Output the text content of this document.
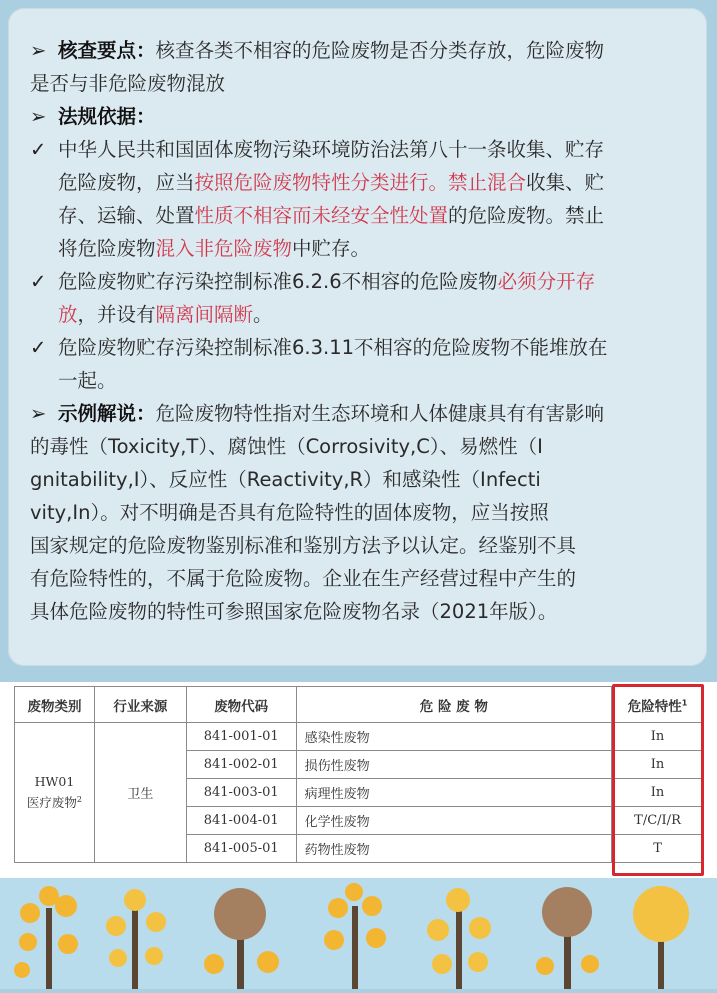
➢ 核查要点：核查各类不相容的危险废物是否分类存放，危险废物

是否与非危险废物混放

➢ 法规依据：

✓ 中华人民共和国固体废物污染环境防治法第八十一条收集、贮存

危险废物，应当按照危险废物特性分类进行。禁止混合收集、贮

存、运输、处置性质不相容而未经安全性处置的危险废物。禁止

将危险废物混入非危险废物中贮存。

✓ 危险废物贮存污染控制标准6.2.6不相容的危险废物必须分开存

放，并设有隔离间隔断。

✓ 危险废物贮存污染控制标准6.3.11不相容的危险废物不能堆放在

一起。

➢ 示例解说：危险废物特性指对生态环境和人体健康具有有害影响

的毒性（Toxicity,T）、腐蚀性（Corrosivity,C）、易燃性（I

gnitability,I）、反应性（Reactivity,R）和感染性（Infecti

vity,In）。对不明确是否具有危险特性的固体废物，应当按照

国家规定的危险废物鉴别标准和鉴别方法予以认定。经鉴别不具

有危险特性的，不属于危险废物。企业在生产经营过程中产生的

具体危险废物的特性可参照国家危险废物名录（2021年版）。

废物类别	行业来源	废物代码	危 险 废 物	危险特性$^1$

HW01
医疗废物$^2$	卫生	841-001-01	感染性废物	In
		841-002-01	损伤性废物	In
		841-003-01	病理性废物	In
		841-004-01	化学性废物	T/C/I/R
		841-005-01	药物性废物	T
